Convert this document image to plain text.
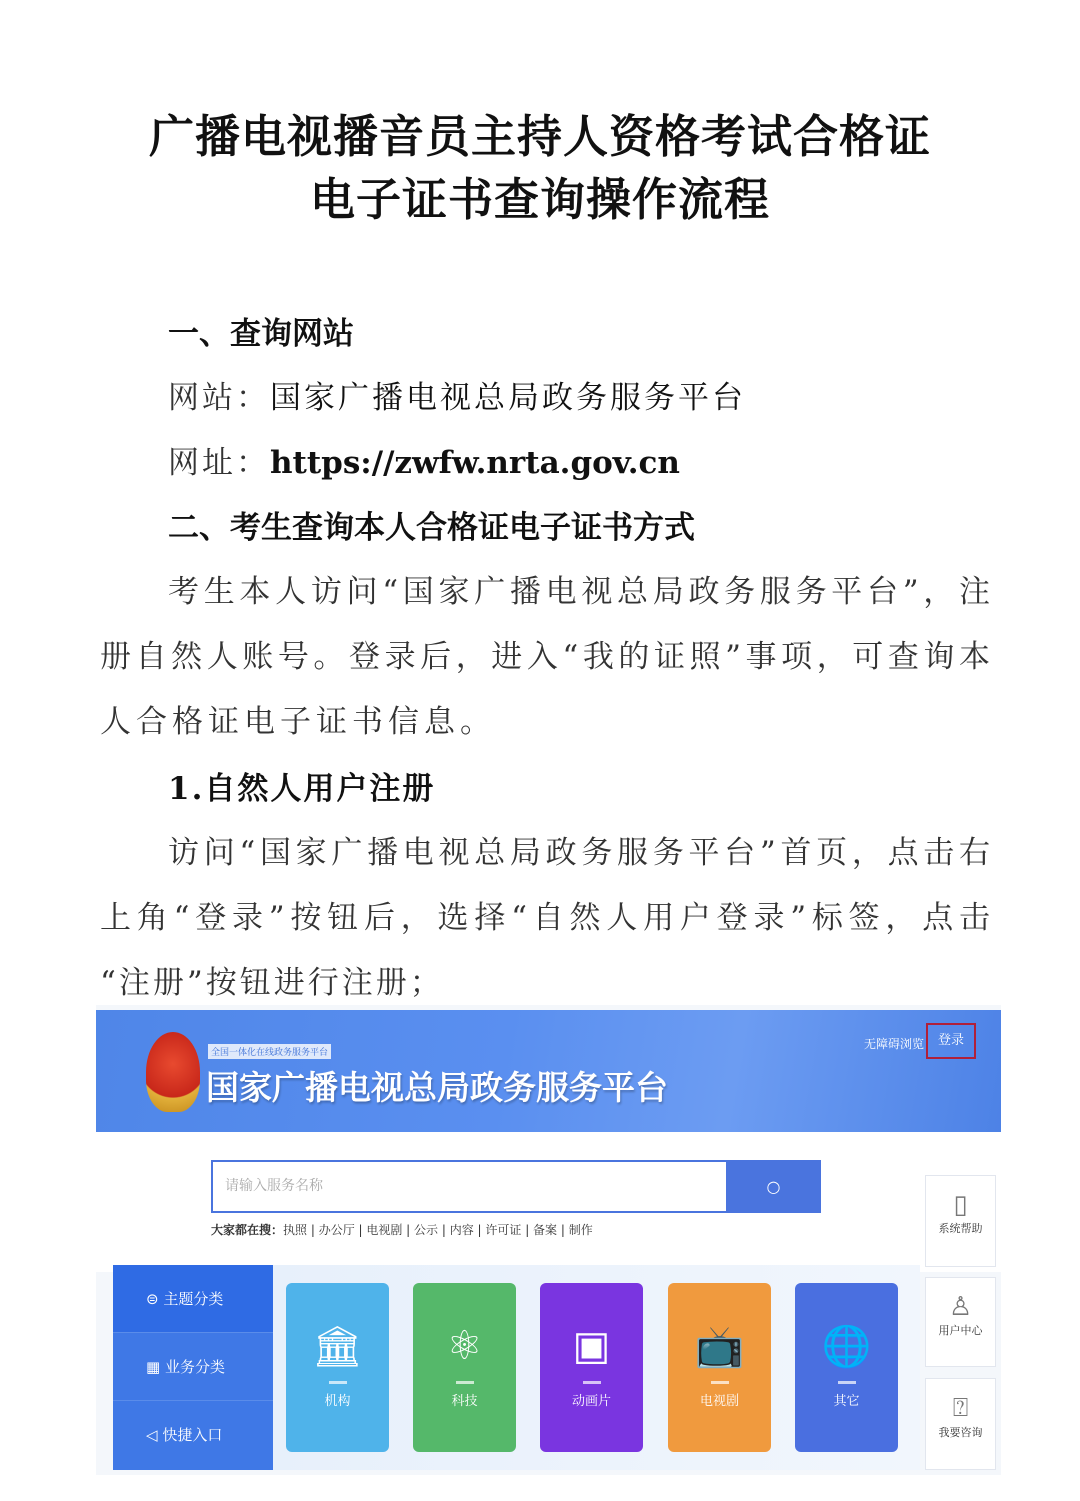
广播电视播音员主持人资格考试合格证
电子证书查询操作流程
一、查询网站
网站：国家广播电视总局政务服务平台
网址：https://zwfw.nrta.gov.cn
二、考生查询本人合格证电子证书方式
考生本人访问“国家广播电视总局政务服务平台”，注
册自然人账号。登录后，进入“我的证照”事项，可查询本
人合格证电子证书信息。
1.自然人用户注册
访问“国家广播电视总局政务服务平台”首页，点击右
上角“登录”按钮后，选择“自然人用户登录”标签，点击
“注册”按钮进行注册；
全国一体化在线政务服务平台
国家广播电视总局政务服务平台
无障碍浏览	登录
请输入服务名称	○
大家都在搜：执照 | 办公厅 | 电视剧 | 公示 | 内容 | 许可证 | 备案 | 制作
▯
系统帮助
♙
用户中心
⍰
我要咨询
⊜ 主题分类
▦ 业务分类
◁ 快捷入口
🏛
机构
⚛
科技
▣
动画片
📺
电视剧
🌐
其它
